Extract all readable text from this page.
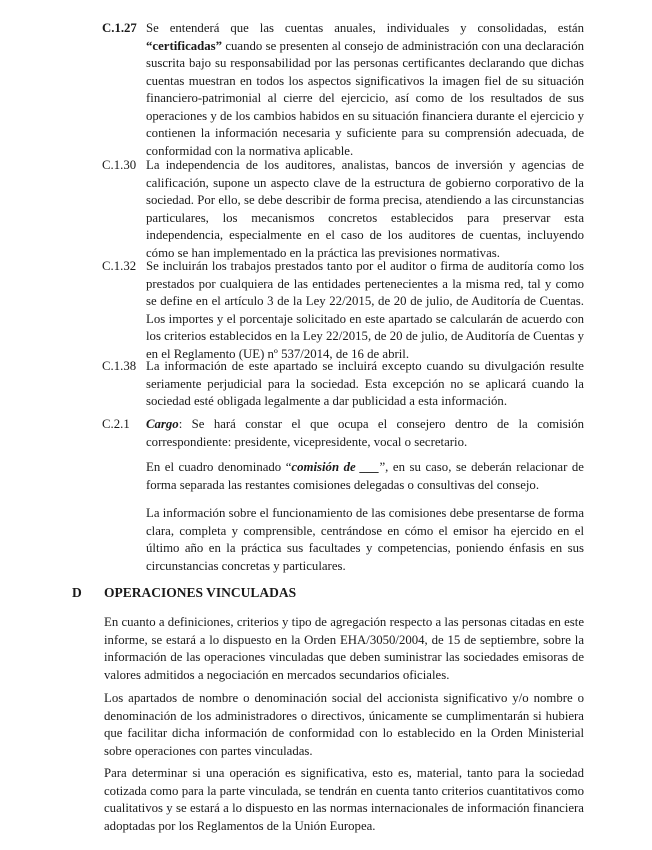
C.1.27 Se entenderá que las cuentas anuales, individuales y consolidadas, están “certificadas” cuando se presenten al consejo de administración con una declaración suscrita bajo su responsabilidad por las personas certificantes declarando que dichas cuentas muestran en todos los aspectos significativos la imagen fiel de su situación financiero-patrimonial al cierre del ejercicio, así como de los resultados de sus operaciones y de los cambios habidos en su situación financiera durante el ejercicio y contienen la información necesaria y suficiente para su comprensión adecuada, de conformidad con la normativa aplicable.
C.1.30 La independencia de los auditores, analistas, bancos de inversión y agencias de calificación, supone un aspecto clave de la estructura de gobierno corporativo de la sociedad. Por ello, se debe describir de forma precisa, atendiendo a las circunstancias particulares, los mecanismos concretos establecidos para preservar esta independencia, especialmente en el caso de los auditores de cuentas, incluyendo cómo se han implementado en la práctica las previsiones normativas.
C.1.32 Se incluirán los trabajos prestados tanto por el auditor o firma de auditoría como los prestados por cualquiera de las entidades pertenecientes a la misma red, tal y como se define en el artículo 3 de la Ley 22/2015, de 20 de julio, de Auditoría de Cuentas. Los importes y el porcentaje solicitado en este apartado se calcularán de acuerdo con los criterios establecidos en la Ley 22/2015, de 20 de julio, de Auditoría de Cuentas y en el Reglamento (UE) nº 537/2014, de 16 de abril.
C.1.38 La información de este apartado se incluirá excepto cuando su divulgación resulte seriamente perjudicial para la sociedad. Esta excepción no se aplicará cuando la sociedad esté obligada legalmente a dar publicidad a esta información.
C.2.1 Cargo: Se hará constar el que ocupa el consejero dentro de la comisión correspondiente: presidente, vicepresidente, vocal o secretario.
En el cuadro denominado “comisión de ___”, en su caso, se deberán relacionar de forma separada las restantes comisiones delegadas o consultivas del consejo.
La información sobre el funcionamiento de las comisiones debe presentarse de forma clara, completa y comprensible, centrándose en cómo el emisor ha ejercido en el último año en la práctica sus facultades y competencias, poniendo énfasis en sus circunstancias concretas y particulares.
D OPERACIONES VINCULADAS
En cuanto a definiciones, criterios y tipo de agregación respecto a las personas citadas en este informe, se estará a lo dispuesto en la Orden EHA/3050/2004, de 15 de septiembre, sobre la información de las operaciones vinculadas que deben suministrar las sociedades emisoras de valores admitidos a negociación en mercados secundarios oficiales.
Los apartados de nombre o denominación social del accionista significativo y/o nombre o denominación de los administradores o directivos, únicamente se cumplimentarán si hubiera que facilitar dicha información de conformidad con lo establecido en la Orden Ministerial sobre operaciones con partes vinculadas.
Para determinar si una operación es significativa, esto es, material, tanto para la sociedad cotizada como para la parte vinculada, se tendrán en cuenta tanto criterios cuantitativos como cualitativos y se estará a lo dispuesto en las normas internacionales de información financiera adoptadas por los Reglamentos de la Unión Europea.
